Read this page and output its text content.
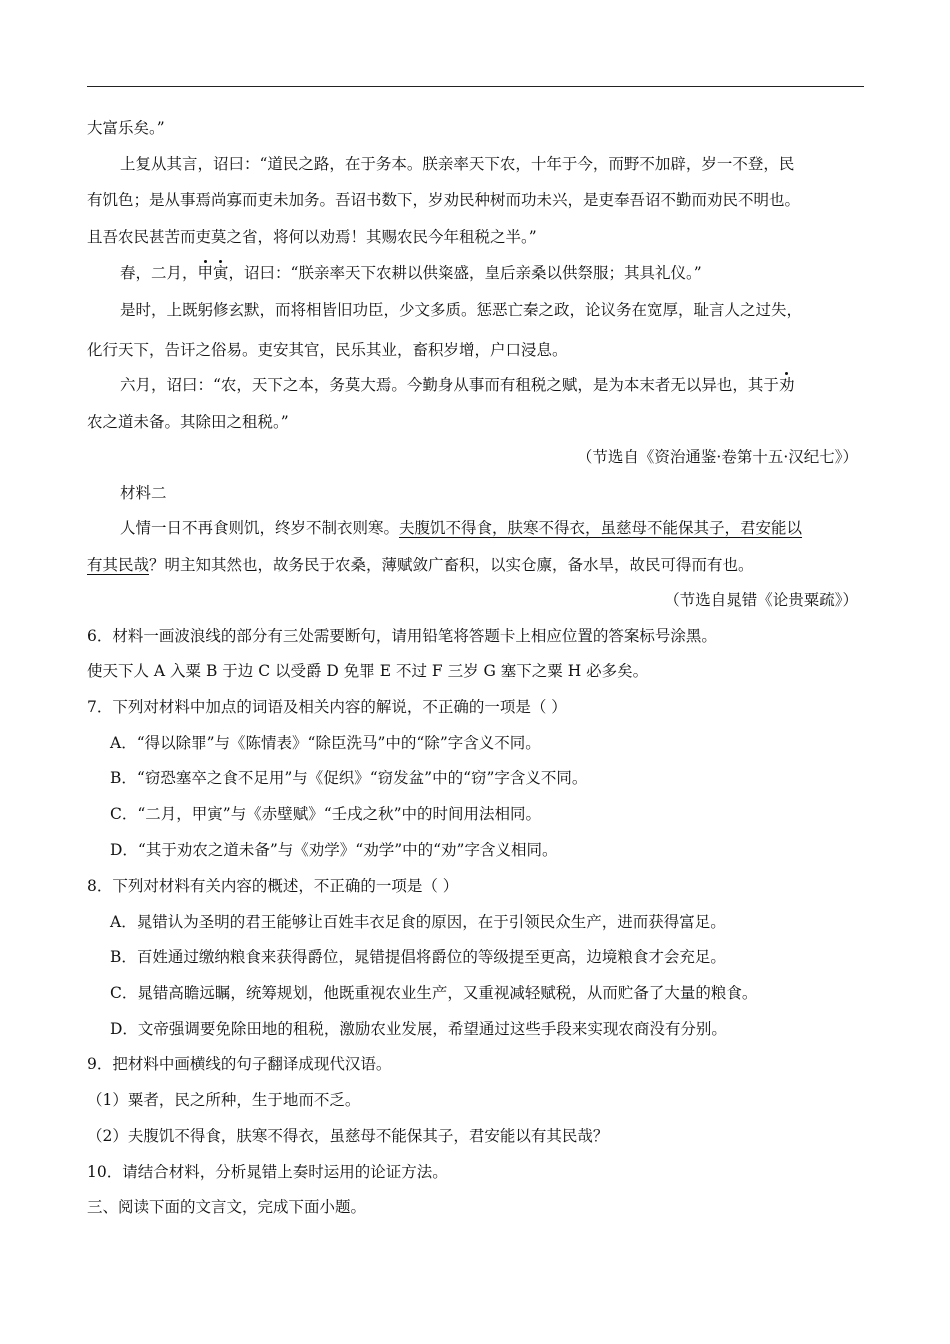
大富乐矣。”
上复从其言，诏曰：“道民之路，在于务本。朕亲率天下农，十年于今，而野不加辟，岁一不登，民
有饥色；是从事焉尚寡而吏未加务。吾诏书数下，岁劝民种树而功未兴，是吏奉吾诏不勤而劝民不明也。
且吾农民甚苦而吏莫之省，将何以劝焉！其赐农民今年租税之半。”
春，二月，甲寅，诏曰：“朕亲率天下农耕以供粢盛，皇后亲桑以供祭服；其具礼仪。”
是时，上既躬修玄默，而将相皆旧功臣，少文多质。惩恶亡秦之政，论议务在宽厚，耻言人之过失，
化行天下，告讦之俗易。吏安其官，民乐其业，畜积岁增，户口浸息。
六月，诏曰：“农，天下之本，务莫大焉。今勤身从事而有租税之赋，是为本末者无以异也，其于劝
农之道未备。其除田之租税。”
（节选自《资治通鉴·卷第十五·汉纪七》）
材料二
人情一日不再食则饥，终岁不制衣则寒。夫腹饥不得食，肤寒不得衣，虽慈母不能保其子，君安能以
有其民哉？明主知其然也，故务民于农桑，薄赋敛广畜积，以实仓廪，备水旱，故民可得而有也。
（节选自晁错《论贵粟疏》）
6．材料一画波浪线的部分有三处需要断句，请用铅笔将答题卡上相应位置的答案标号涂黑。
使天下人 A 入粟 B 于边 C 以受爵 D 免罪 E 不过 F 三岁 G 塞下之粟 H 必多矣。
7．下列对材料中加点的词语及相关内容的解说，不正确的一项是（ ）
A．“得以除罪”与《陈情表》“除臣洗马”中的“除”字含义不同。
B．“窃恐塞卒之食不足用”与《促织》“窃发盆”中的“窃”字含义不同。
C．“二月，甲寅”与《赤壁赋》“壬戌之秋”中的时间用法相同。
D．“其于劝农之道未备”与《劝学》“劝学”中的“劝”字含义相同。
8．下列对材料有关内容的概述，不正确的一项是（ ）
A．晁错认为圣明的君王能够让百姓丰衣足食的原因，在于引领民众生产，进而获得富足。
B．百姓通过缴纳粮食来获得爵位，晁错提倡将爵位的等级提至更高，边境粮食才会充足。
C．晁错高瞻远瞩，统筹规划，他既重视农业生产，又重视减轻赋税，从而贮备了大量的粮食。
D．文帝强调要免除田地的租税，激励农业发展，希望通过这些手段来实现农商没有分别。
9．把材料中画横线的句子翻译成现代汉语。
（1）粟者，民之所种，生于地而不乏。
（2）夫腹饥不得食，肤寒不得衣，虽慈母不能保其子，君安能以有其民哉？
10．请结合材料，分析晁错上奏时运用的论证方法。
三、阅读下面的文言文，完成下面小题。
